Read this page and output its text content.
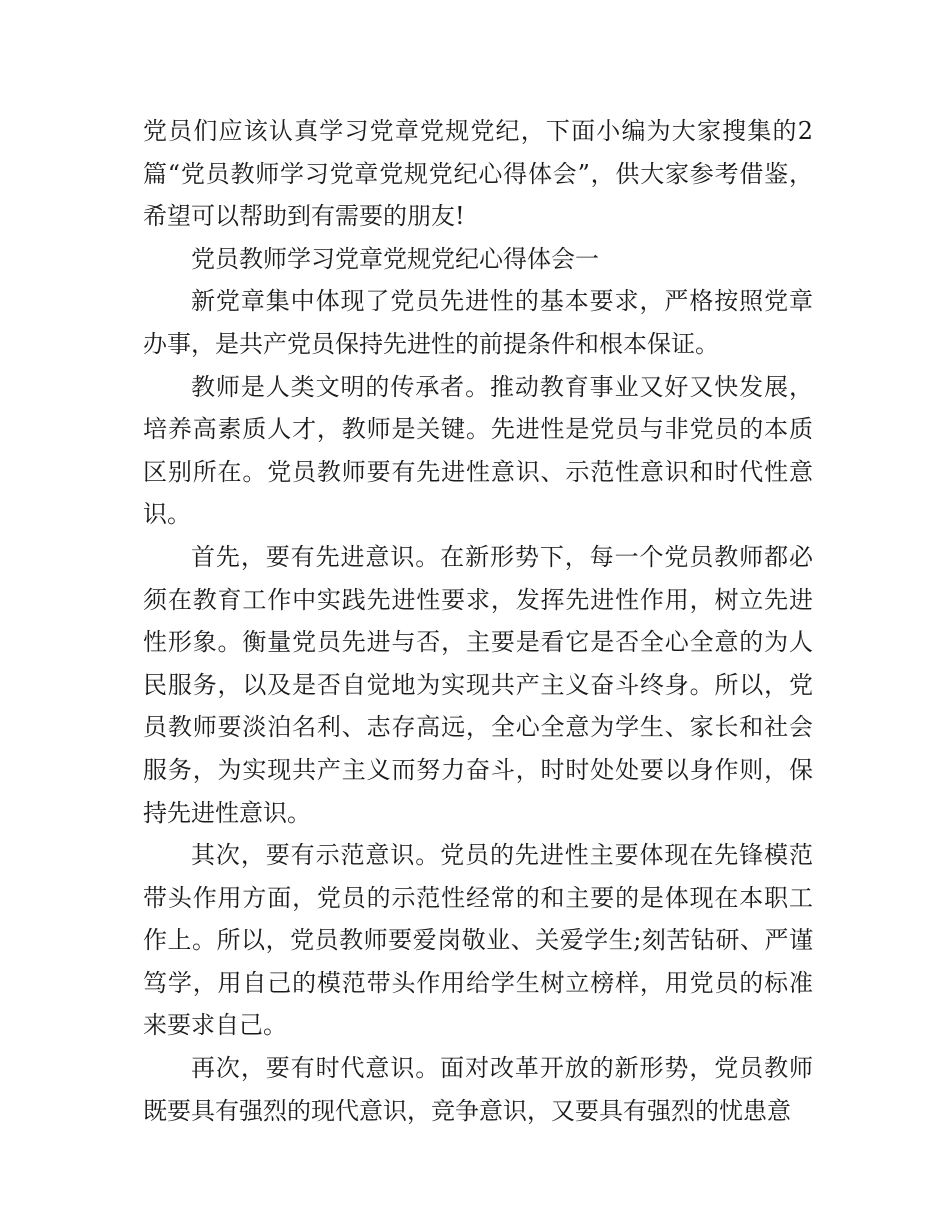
党员们应该认真学习党章党规党纪，下面小编为大家搜集的2篇“党员教师学习党章党规党纪心得体会”，供大家参考借鉴，希望可以帮助到有需要的朋友!

党员教师学习党章党规党纪心得体会一

新党章集中体现了党员先进性的基本要求，严格按照党章办事，是共产党员保持先进性的前提条件和根本保证。

教师是人类文明的传承者。推动教育事业又好又快发展，培养高素质人才，教师是关键。先进性是党员与非党员的本质区别所在。党员教师要有先进性意识、示范性意识和时代性意识。

首先，要有先进意识。在新形势下，每一个党员教师都必须在教育工作中实践先进性要求，发挥先进性作用，树立先进性形象。衡量党员先进与否，主要是看它是否全心全意的为人民服务，以及是否自觉地为实现共产主义奋斗终身。所以，党员教师要淡泊名利、志存高远，全心全意为学生、家长和社会服务，为实现共产主义而努力奋斗，时时处处要以身作则，保持先进性意识。

其次，要有示范意识。党员的先进性主要体现在先锋模范带头作用方面，党员的示范性经常的和主要的是体现在本职工作上。所以，党员教师要爱岗敬业、关爱学生;刻苦钻研、严谨笃学，用自己的模范带头作用给学生树立榜样，用党员的标准来要求自己。

再次，要有时代意识。面对改革开放的新形势，党员教师既要具有强烈的现代意识，竞争意识，又要具有强烈的忧患意
